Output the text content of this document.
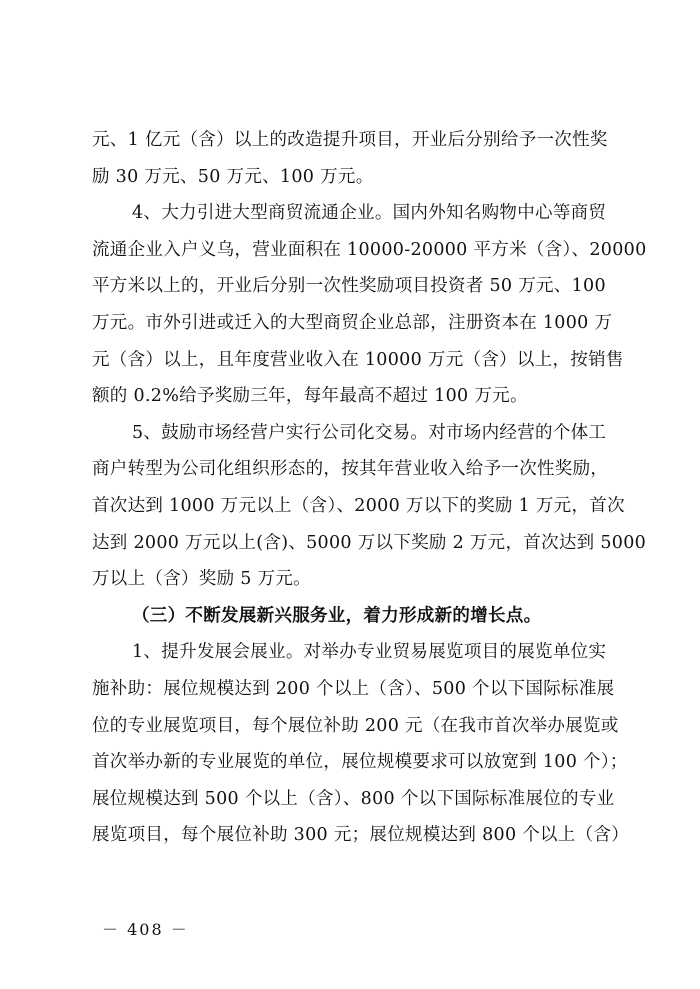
元、1 亿元（含）以上的改造提升项目，开业后分别给予一次性奖
励 30 万元、50 万元、100 万元。

4、大力引进大型商贸流通企业。国内外知名购物中心等商贸
流通企业入户义乌，营业面积在 10000-20000 平方米（含）、20000
平方米以上的，开业后分别一次性奖励项目投资者 50 万元、100
万元。市外引进或迁入的大型商贸企业总部，注册资本在 1000 万
元（含）以上，且年度营业收入在 10000 万元（含）以上，按销售
额的 0.2%给予奖励三年，每年最高不超过 100 万元。

5、鼓励市场经营户实行公司化交易。对市场内经营的个体工
商户转型为公司化组织形态的，按其年营业收入给予一次性奖励，
首次达到 1000 万元以上（含）、2000 万以下的奖励 1 万元，首次
达到 2000 万元以上(含)、5000 万以下奖励 2 万元，首次达到 5000
万以上（含）奖励 5 万元。

（三）不断发展新兴服务业，着力形成新的增长点。

1、提升发展会展业。对举办专业贸易展览项目的展览单位实
施补助：展位规模达到 200 个以上（含）、500 个以下国际标准展
位的专业展览项目，每个展位补助 200 元（在我市首次举办展览或
首次举办新的专业展览的单位，展位规模要求可以放宽到 100 个）；
展位规模达到 500 个以上（含）、800 个以下国际标准展位的专业
展览项目，每个展位补助 300 元；展位规模达到 800 个以上（含）

－ 408 －
